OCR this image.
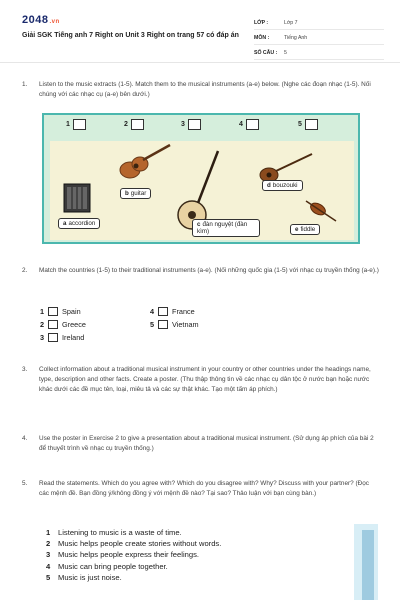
2048.vn
Giải SGK Tiếng anh 7 Right on Unit 3 Right on trang 57 có đáp án
LỚP :	Lớp 7
MÔN :	Tiếng Anh
SỐ CÂU :	5
1. Listen to the music extracts (1-5). Match them to the musical instruments (a-e) below. (Nghe các đoạn nhạc (1-5). Nối chúng với các nhạc cụ (a-e) bên dưới.)
1	2	3	4	5
a accordion
b guitar
c đàn nguyệt (đàn kìm)
d bouzouki
e fiddle
2. Match the countries (1-5) to their traditional instruments (a-e). (Nối những quốc gia (1-5) với nhạc cụ truyền thống (a-e).)
1	Spain
2	Greece
3	Ireland
4	France
5	Vietnam
3. Collect information about a traditional musical instrument in your country or other countries under the headings name, type, description and other facts. Create a poster. (Thu thập thông tin về các nhạc cụ dân tộc ở nước bạn hoặc nước khác dưới các đề mục tên, loại, miêu tả và các sự thật khác. Tạo một tấm áp phích.)
4. Use the poster in Exercise 2 to give a presentation about a traditional musical instrument. (Sử dụng áp phích của bài 2 để thuyết trình về nhạc cụ truyền thống.)
5. Read the statements. Which do you agree with? Which do you disagree with? Why? Discuss with your partner? (Đọc các mệnh đề. Bạn đồng ý/không đồng ý với mệnh đề nào? Tại sao? Thảo luận với bạn cùng bàn.)
1 Listening to music is a waste of time.
2 Music helps people create stories without words.
3 Music helps people express their feelings.
4 Music can bring people together.
5 Music is just noise.
